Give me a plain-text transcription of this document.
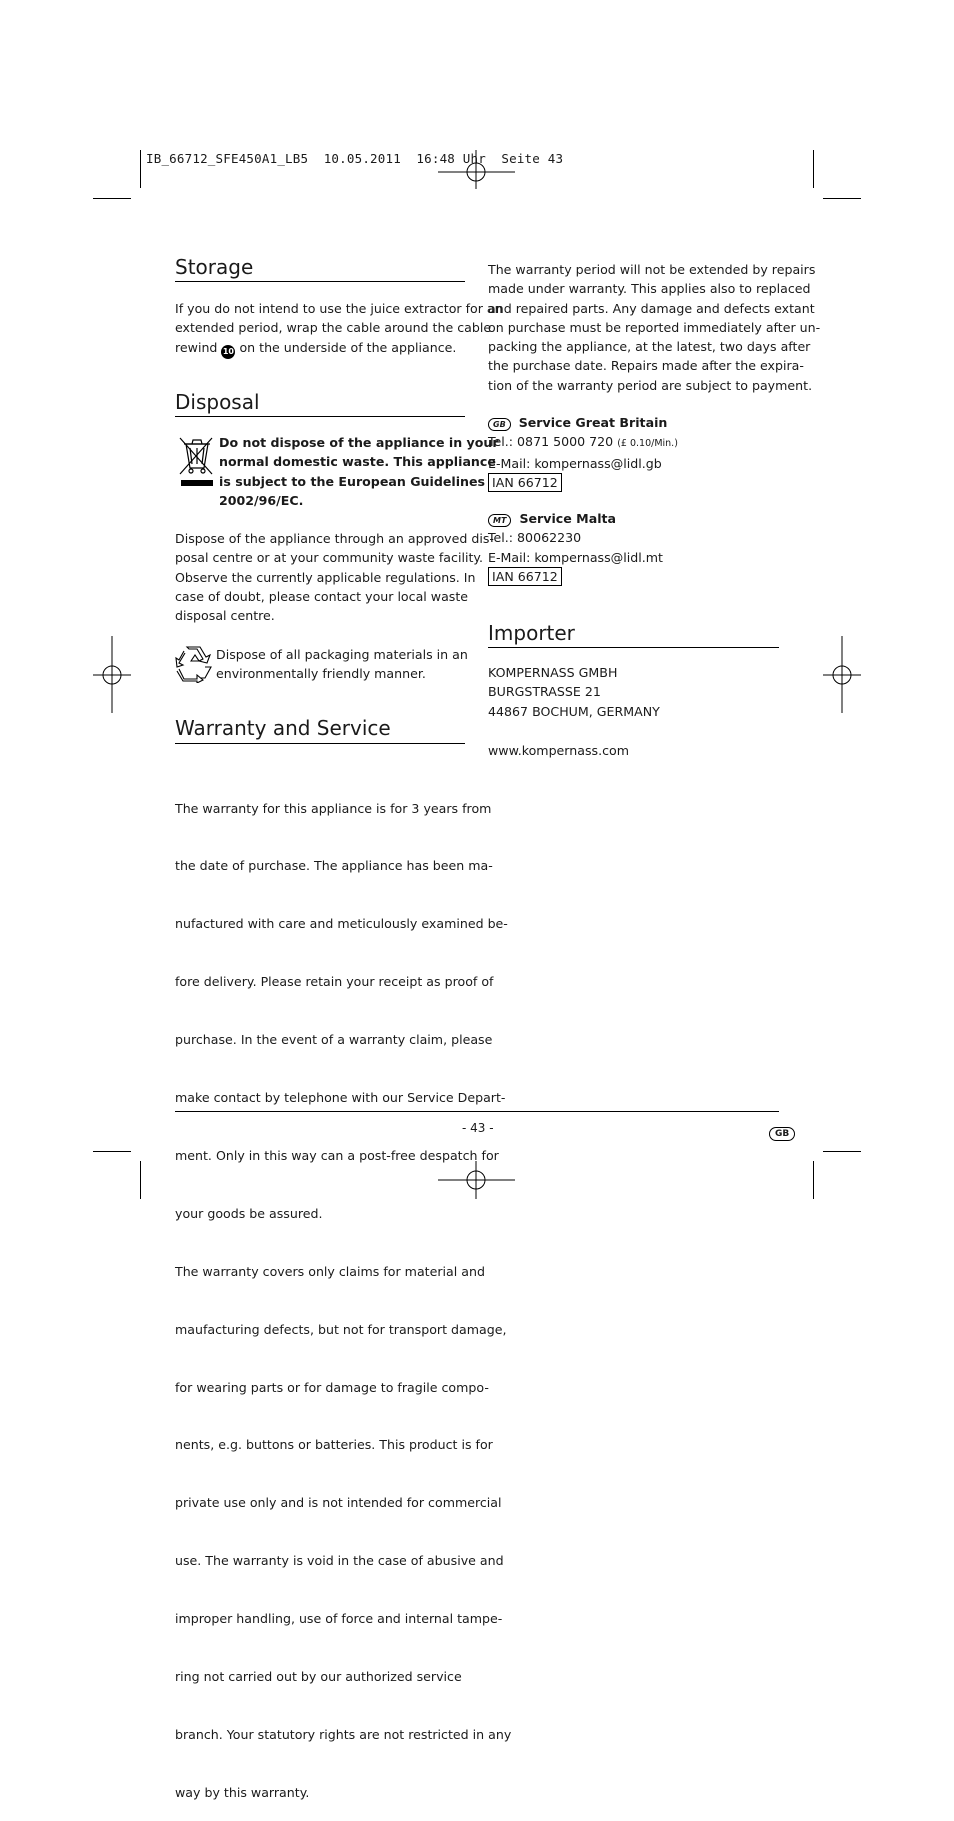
IB_66712_SFE450A1_LB5  10.05.2011  16:48 Uhr  Seite 43
Storage
If you do not intend to use the juice extractor for an
extended period, wrap the cable around the cable
rewind 10 on the underside of the appliance.
Disposal
Do not dispose of the appliance in your
normal domestic waste. This appliance
is subject to the European Guidelines
2002/96/EC.
Dispose of the appliance through an approved dis-
posal centre or at your community waste facility.
Observe the currently applicable regulations. In
case of doubt, please contact your local waste
disposal centre.
Dispose of all packaging materials in an
environmentally friendly manner.
Warranty and Service

The warranty for this appliance is for 3 years from

the date of purchase. The appliance has been ma-

nufactured with care and meticulously examined be-

fore delivery. Please retain your receipt as proof of

purchase. In the event of a warranty claim, please

make contact by telephone with our Service Depart-

ment. Only in this way can a post-free despatch for

your goods be assured.

The warranty covers only claims for material and

maufacturing defects, but not for transport damage,

for wearing parts or for damage to fragile compo-

nents, e.g. buttons or batteries. This product is for

private use only and is not intended for commercial

use. The warranty is void in the case of abusive and

improper handling, use of force and internal tampe-

ring not carried out by our authorized service

branch. Your statutory rights are not restricted in any

way by this warranty.

The warranty period will not be extended by repairs
made under warranty. This applies also to replaced
and repaired parts. Any damage and defects extant
on purchase must be reported immediately after un-
packing the appliance, at the latest, two days after
the purchase date. Repairs made after the expira-
tion of the warranty period are subject to payment.
GB Service Great Britain
Tel.: 0871 5000 720 (£ 0.10/Min.)
E-Mail: kompernass@lidl.gb
IAN 66712
MT Service Malta
Tel.: 80062230
E-Mail: kompernass@lidl.mt
IAN 66712
Importer
KOMPERNASS GMBH
BURGSTRASSE 21
44867 BOCHUM, GERMANY
www.kompernass.com
- 43 -	GB
